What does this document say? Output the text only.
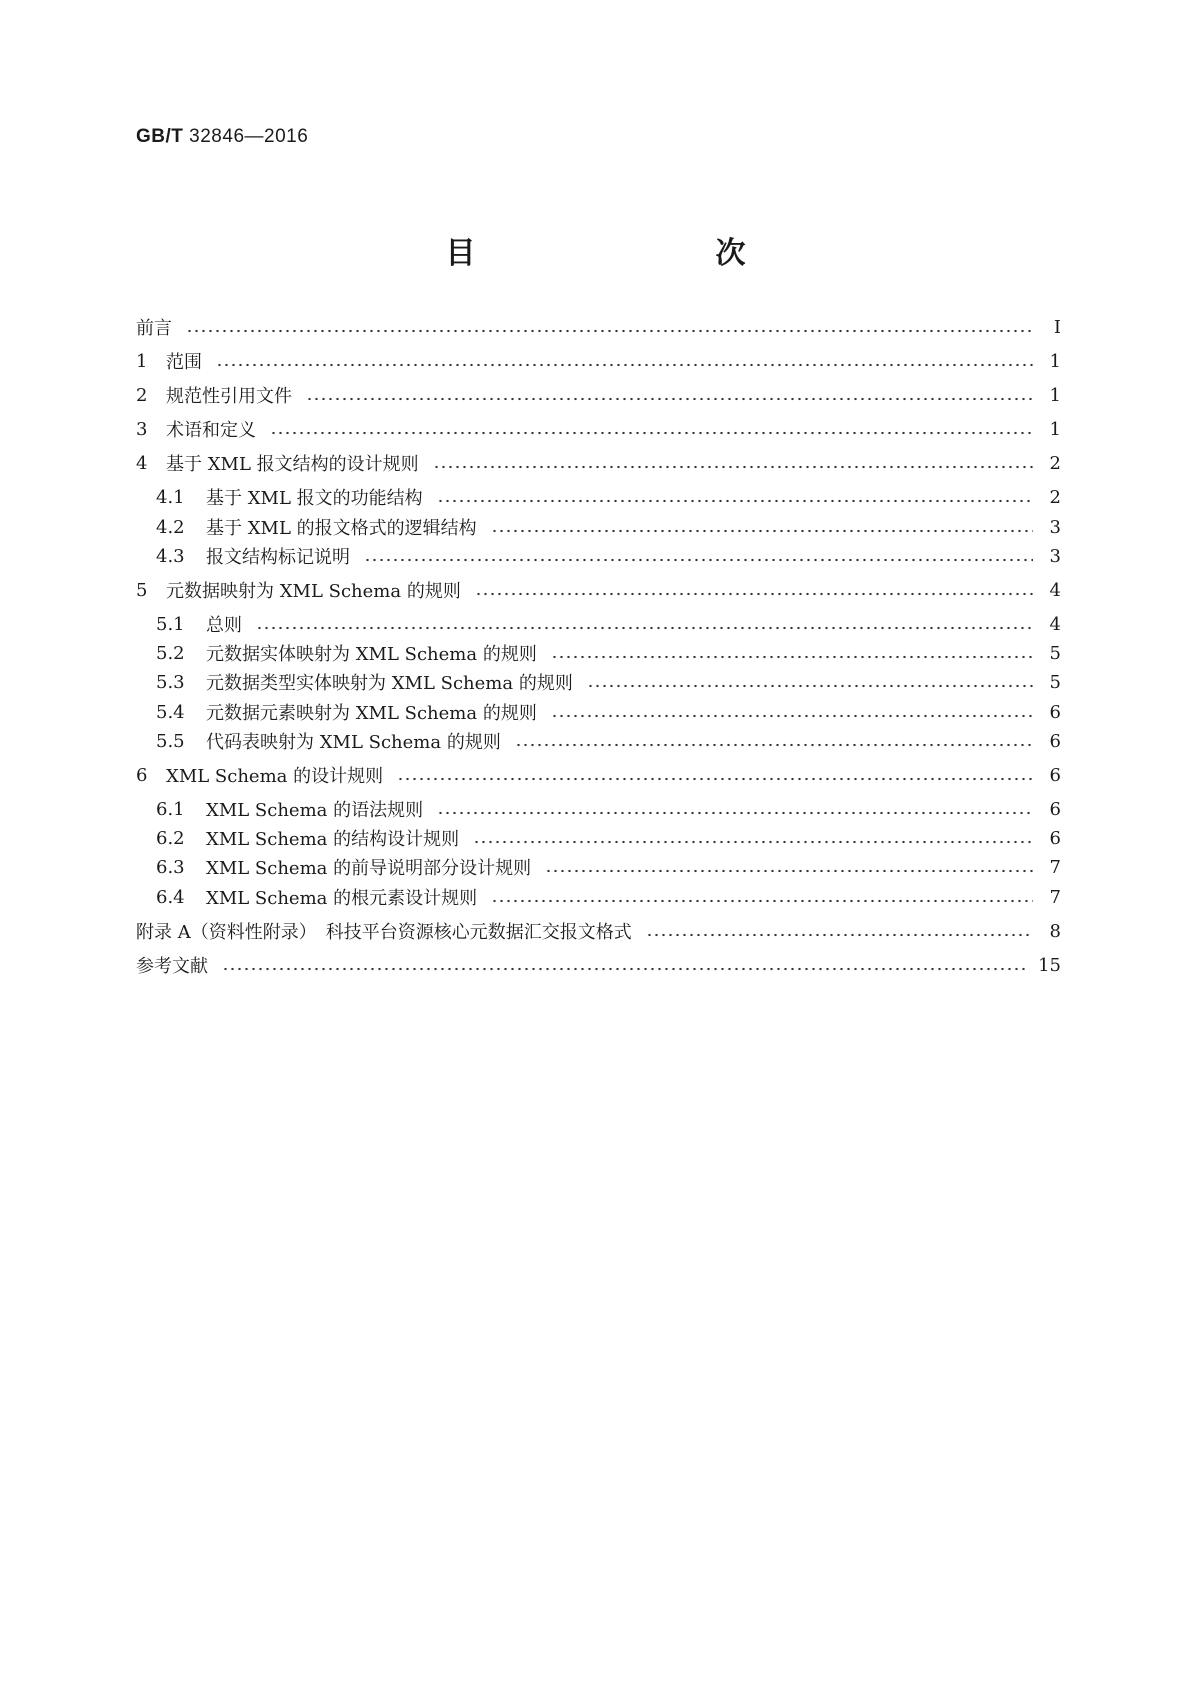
GB/T 32846—2016
目　　次
前言	Ⅰ
1	范围	1
2	规范性引用文件	1
3	术语和定义	1
4	基于 XML 报文结构的设计规则	2
4.1	基于 XML 报文的功能结构	2
4.2	基于 XML 的报文格式的逻辑结构	3
4.3	报文结构标记说明	3
5	元数据映射为 XML Schema 的规则	4
5.1	总则	4
5.2	元数据实体映射为 XML Schema 的规则	5
5.3	元数据类型实体映射为 XML Schema 的规则	5
5.4	元数据元素映射为 XML Schema 的规则	6
5.5	代码表映射为 XML Schema 的规则	6
6	XML Schema 的设计规则	6
6.1	XML Schema 的语法规则	6
6.2	XML Schema 的结构设计规则	6
6.3	XML Schema 的前导说明部分设计规则	7
6.4	XML Schema 的根元素设计规则	7
附录 A（资料性附录）　科技平台资源核心元数据汇交报文格式	8
参考文献	15
